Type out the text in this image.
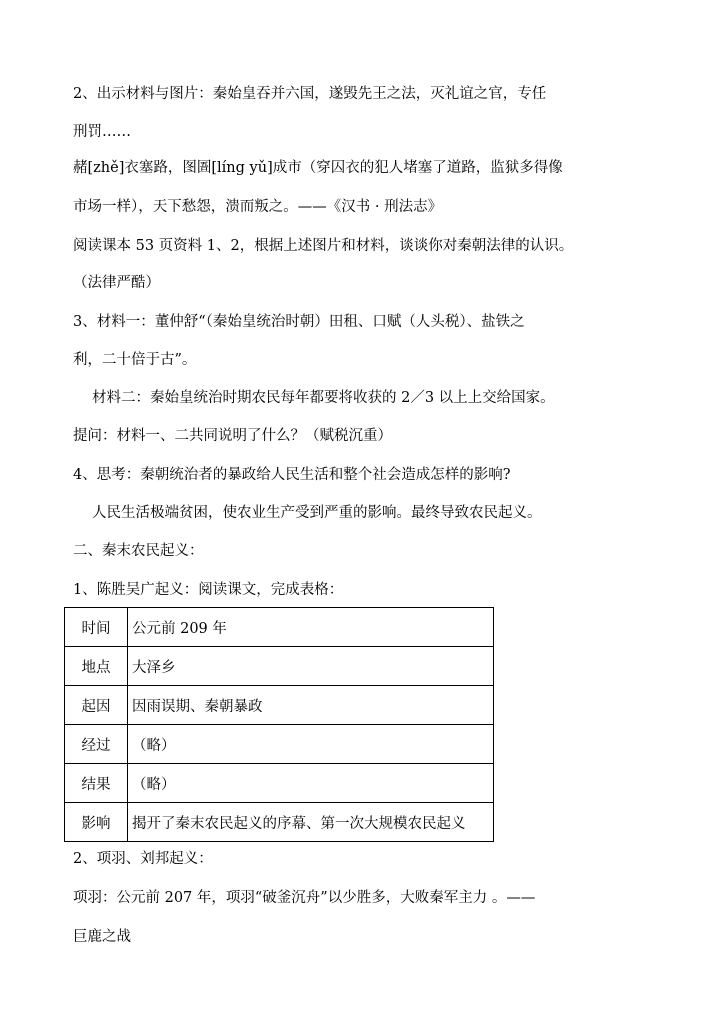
2、出示材料与图片：秦始皇吞并六国，遂毁先王之法，灭礼谊之官，专任
刑罚……
赭[zhě]衣塞路，图圄[líng yǔ]成市（穿囚衣的犯人堵塞了道路，监狱多得像
市场一样），天下愁怨，溃而叛之。——《汉书 · 刑法志》
阅读课本 53 页资料 1、2，根据上述图片和材料，谈谈你对秦朝法律的认识。
（法律严酷）
3、材料一：董仲舒“（秦始皇统治时朝）田租、口赋（人头税）、盐铁之
利，二十倍于古”。
材料二：秦始皇统治时期农民每年都要将收获的 2／3 以上上交给国家。
提问：材料一、二共同说明了什么？（赋税沉重）
4、思考：秦朝统治者的暴政给人民生活和整个社会造成怎样的影响?
人民生活极端贫困，使农业生产受到严重的影响。最终导致农民起义。
二、秦末农民起义：
1、陈胜吴广起义：阅读课文，完成表格：
时间	公元前 209 年
地点	大泽乡
起因	因雨误期、秦朝暴政
经过	（略）
结果	（略）
影响	揭开了秦末农民起义的序幕、第一次大规模农民起义
2、项羽、刘邦起义：
项羽：公元前 207 年，项羽“破釜沉舟”以少胜多，大败秦军主力 。——
巨鹿之战
